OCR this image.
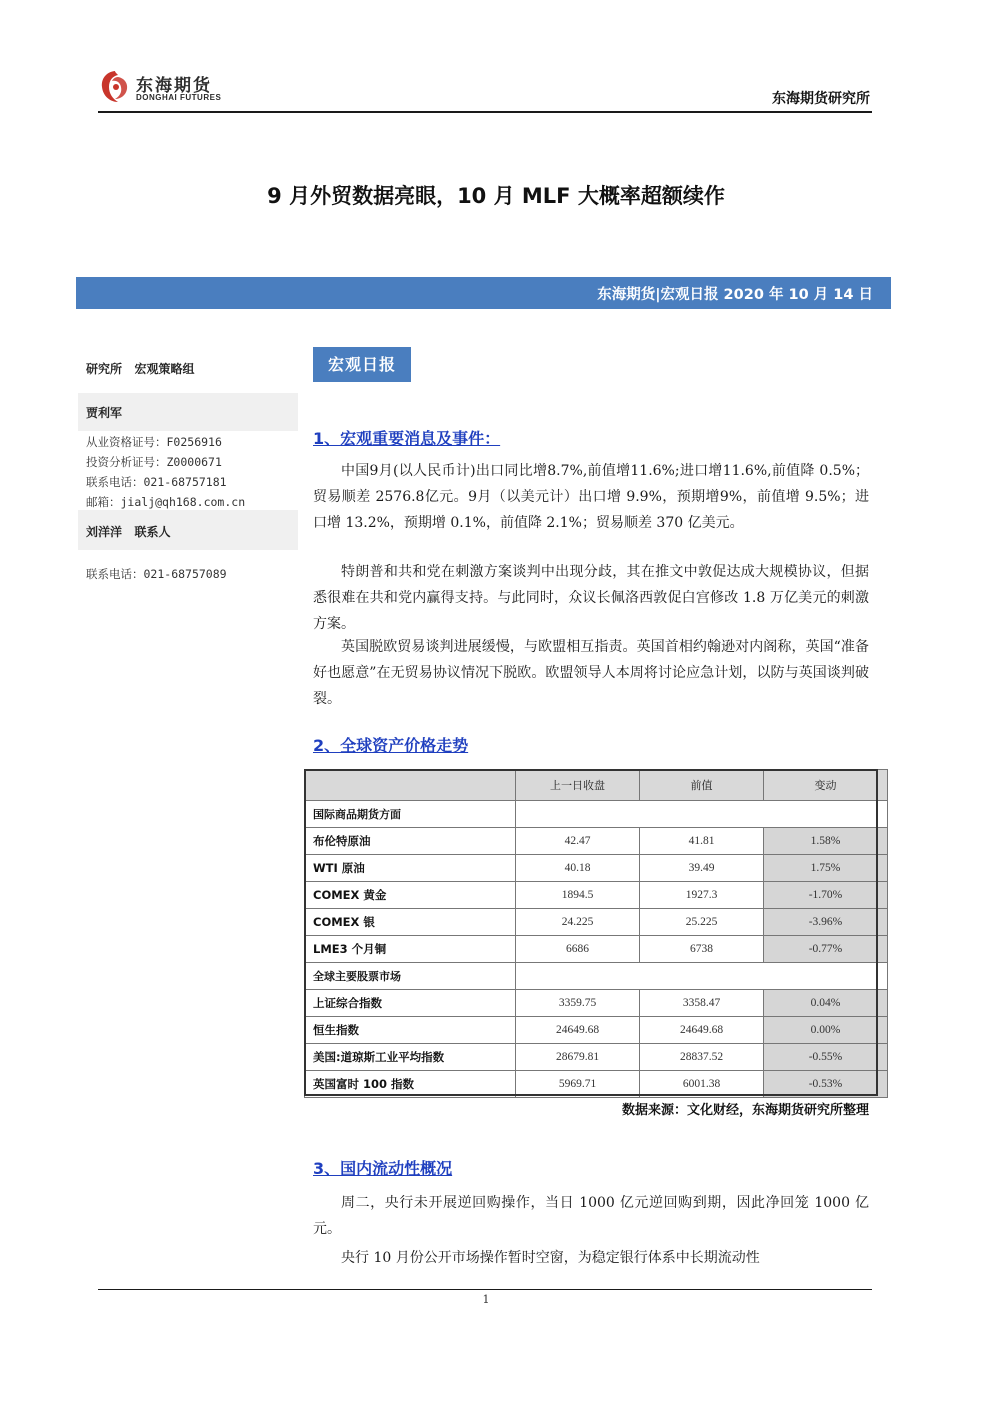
东海期货
DONGHAI FUTURES	东海期货研究所
9 月外贸数据亮眼，10 月 MLF 大概率超额续作
东海期货|宏观日报 2020 年 10 月 14 日
研究所   宏观策略组
贾利军
从业资格证号：F0256916
投资分析证号：Z0000671
联系电话：021-68757181
邮箱：jialj@qh168.com.cn
刘洋洋   联系人
联系电话：021-68757089
宏观日报
1、宏观重要消息及事件：
中国9月(以人民币计)出口同比增8.7%,前值增11.6%;进口增11.6%,前值降 0.5%；贸易顺差 2576.8亿元。9月（以美元计）出口增 9.9%，预期增9%，前值增 9.5%；进口增 13.2%，预期增 0.1%，前值降 2.1%；贸易顺差 370 亿美元。
特朗普和共和党在刺激方案谈判中出现分歧，其在推文中敦促达成大规模协议，但据悉很难在共和党内赢得支持。与此同时，众议长佩洛西敦促白宫修改 1.8 万亿美元的刺激方案。
英国脱欧贸易谈判进展缓慢，与欧盟相互指责。英国首相约翰逊对内阁称，英国“准备好也愿意”在无贸易协议情况下脱欧。欧盟领导人本周将讨论应急计划，以防与英国谈判破裂。
2、全球资产价格走势
	上一日收盘	前值	变动
国际商品期货方面			
布伦特原油	42.47	41.81	1.58%
WTI 原油	40.18	39.49	1.75%
COMEX 黄金	1894.5	1927.3	-1.70%
COMEX 银	24.225	25.225	-3.96%
LME3 个月铜	6686	6738	-0.77%
全球主要股票市场			
上证综合指数	3359.75	3358.47	0.04%
恒生指数	24649.68	24649.68	0.00%
美国:道琼斯工业平均指数	28679.81	28837.52	-0.55%
英国富时 100 指数	5969.71	6001.38	-0.53%
数据来源：文化财经，东海期货研究所整理
3、国内流动性概况
周二，央行未开展逆回购操作，当日 1000 亿元逆回购到期，因此净回笼 1000 亿元。
央行 10 月份公开市场操作暂时空窗，为稳定银行体系中长期流动性
1
